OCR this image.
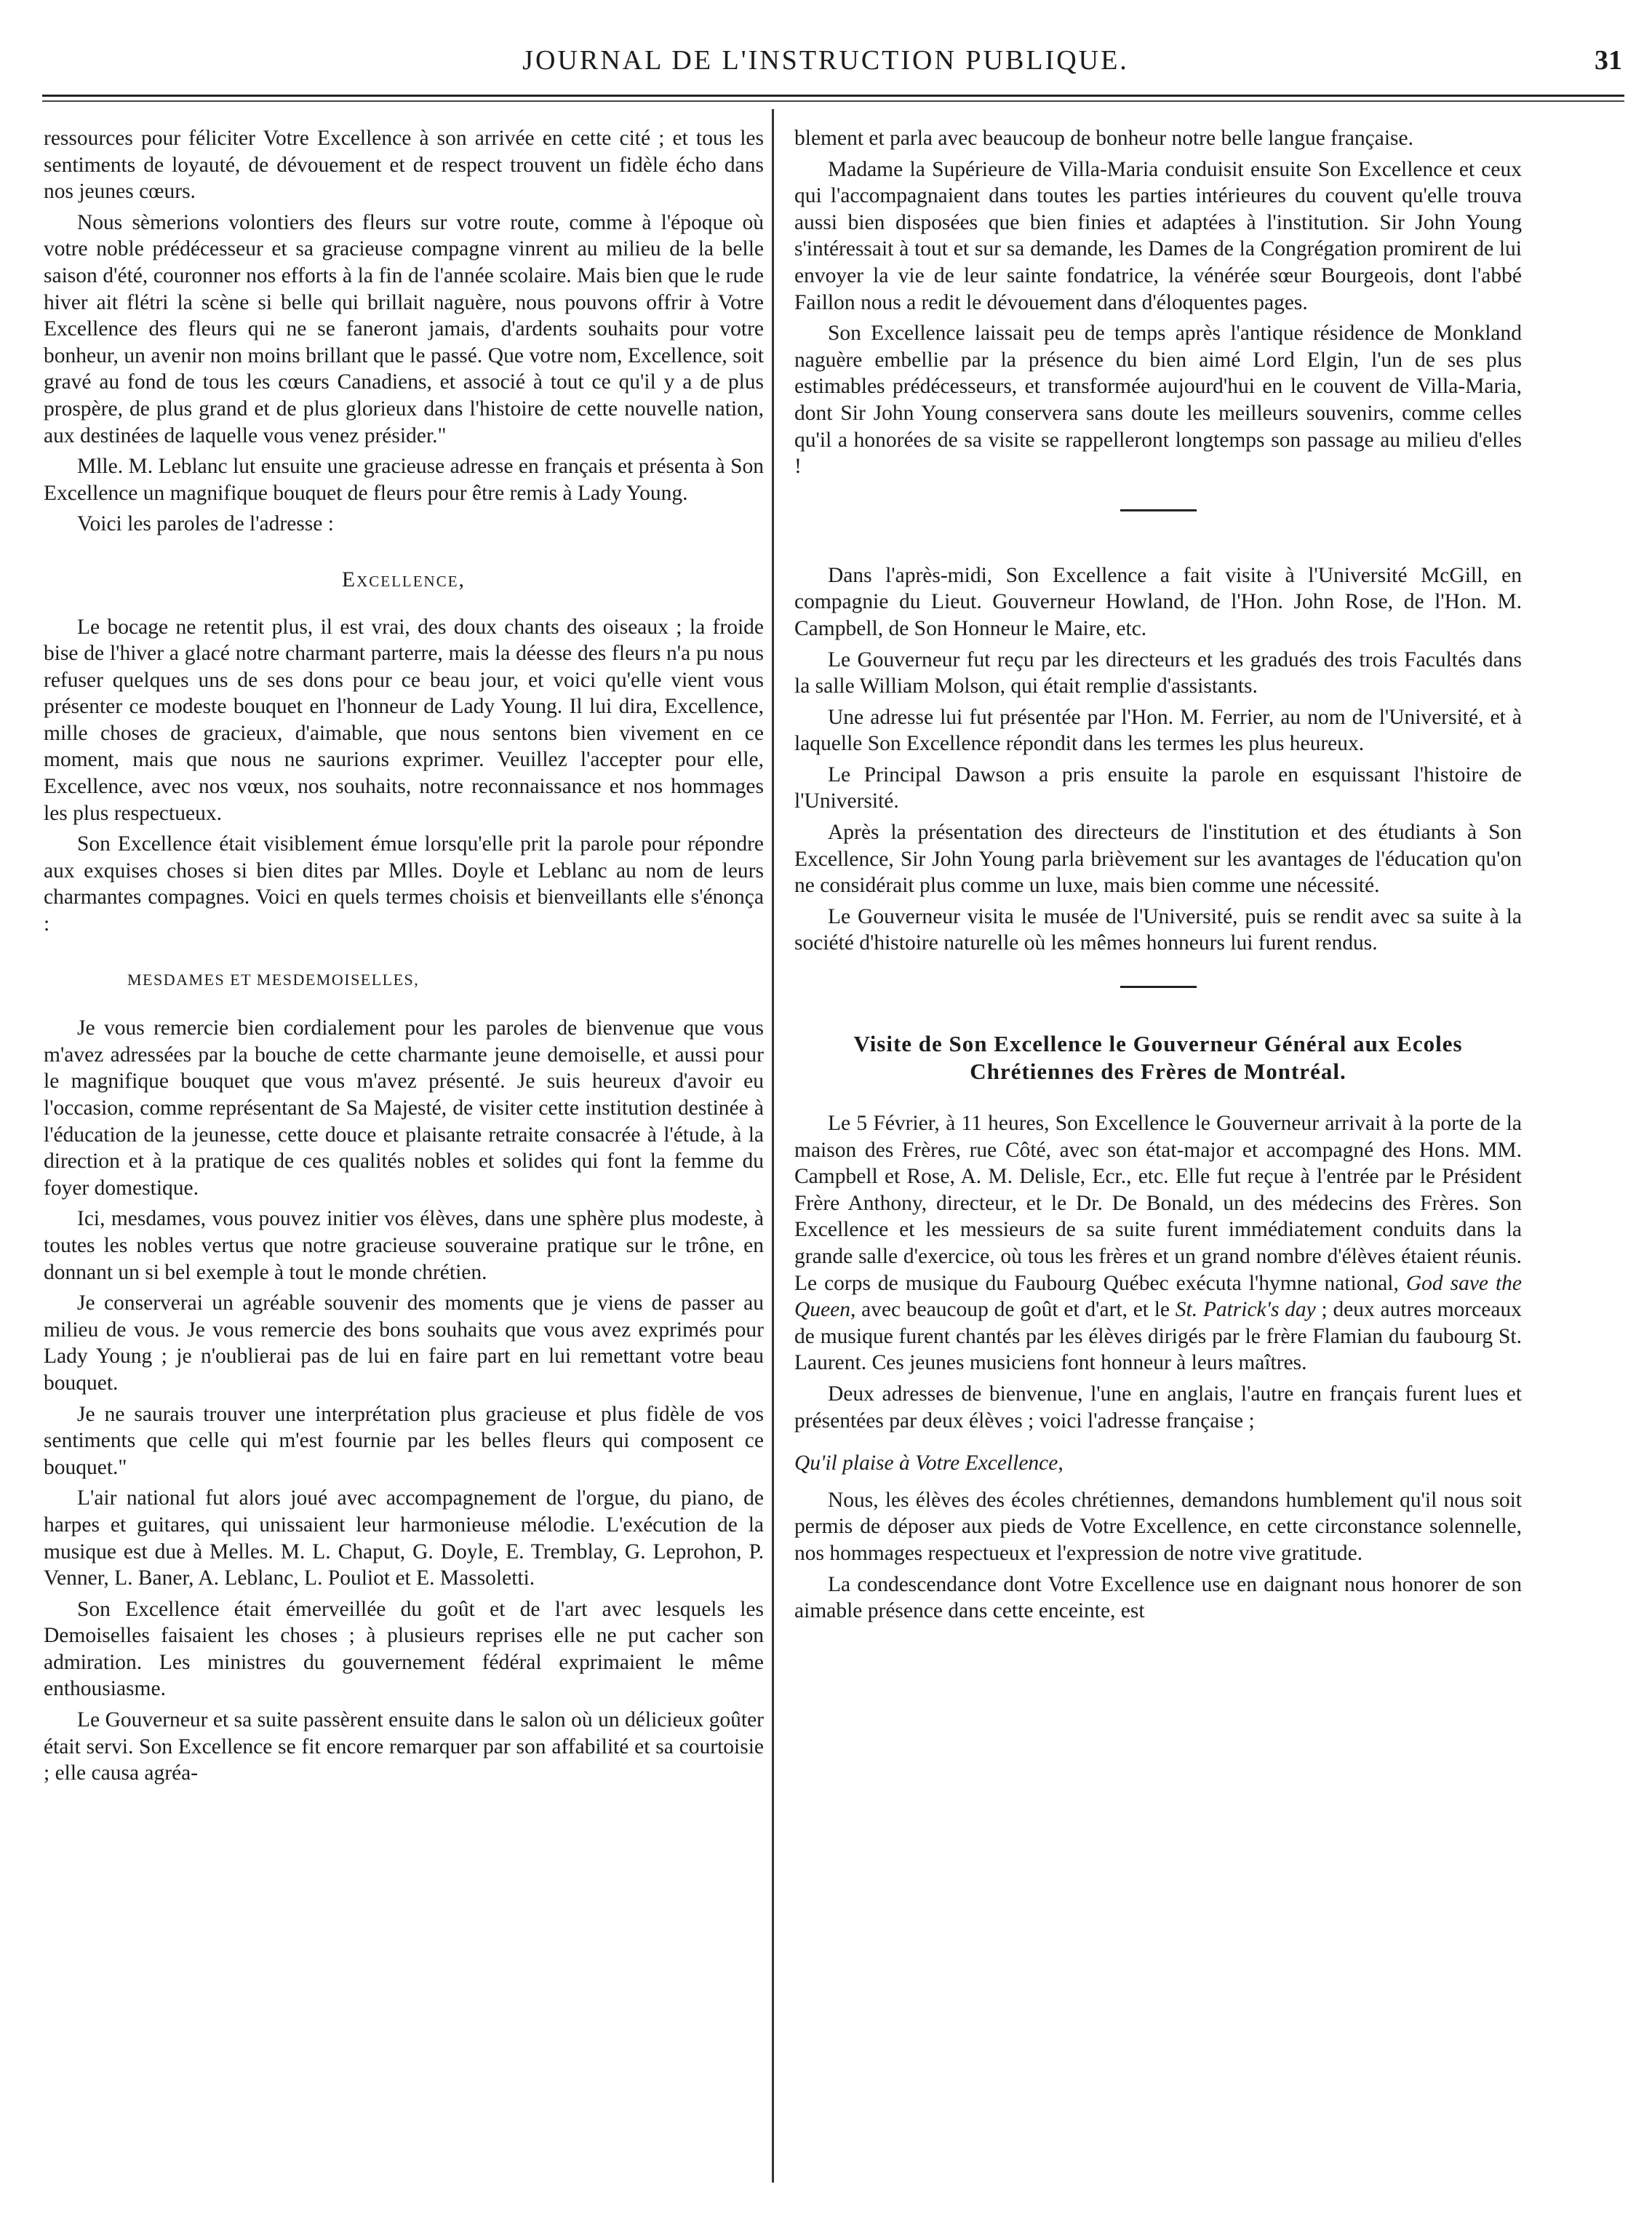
JOURNAL DE L'INSTRUCTION PUBLIQUE.	31

ressources pour féliciter Votre Excellence à son arrivée en cette cité ; et tous les sentiments de loyauté, de dévouement et de respect trouvent un fidèle écho dans nos jeunes cœurs.

Nous sèmerions volontiers des fleurs sur votre route, comme à l'époque où votre noble prédécesseur et sa gracieuse compagne vinrent au milieu de la belle saison d'été, couronner nos efforts à la fin de l'année scolaire. Mais bien que le rude hiver ait flétri la scène si belle qui brillait naguère, nous pouvons offrir à Votre Excellence des fleurs qui ne se faneront jamais, d'ardents souhaits pour votre bonheur, un avenir non moins brillant que le passé. Que votre nom, Excellence, soit gravé au fond de tous les cœurs Canadiens, et associé à tout ce qu'il y a de plus prospère, de plus grand et de plus glorieux dans l'histoire de cette nouvelle nation, aux destinées de laquelle vous venez présider."

Mlle. M. Leblanc lut ensuite une gracieuse adresse en français et présenta à Son Excellence un magnifique bouquet de fleurs pour être remis à Lady Young.

Voici les paroles de l'adresse :

Excellence,

Le bocage ne retentit plus, il est vrai, des doux chants des oiseaux ; la froide bise de l'hiver a glacé notre charmant parterre, mais la déesse des fleurs n'a pu nous refuser quelques uns de ses dons pour ce beau jour, et voici qu'elle vient vous présenter ce modeste bouquet en l'honneur de Lady Young. Il lui dira, Excellence, mille choses de gracieux, d'aimable, que nous sentons bien vivement en ce moment, mais que nous ne saurions exprimer. Veuillez l'accepter pour elle, Excellence, avec nos vœux, nos souhaits, notre reconnaissance et nos hommages les plus respectueux.

Son Excellence était visiblement émue lorsqu'elle prit la parole pour répondre aux exquises choses si bien dites par Mlles. Doyle et Leblanc au nom de leurs charmantes compagnes. Voici en quels termes choisis et bienveillants elle s'énonça :

MESDAMES ET MESDEMOISELLES,

Je vous remercie bien cordialement pour les paroles de bienvenue que vous m'avez adressées par la bouche de cette charmante jeune demoiselle, et aussi pour le magnifique bouquet que vous m'avez présenté. Je suis heureux d'avoir eu l'occasion, comme représentant de Sa Majesté, de visiter cette institution destinée à l'éducation de la jeunesse, cette douce et plaisante retraite consacrée à l'étude, à la direction et à la pratique de ces qualités nobles et solides qui font la femme du foyer domestique.

Ici, mesdames, vous pouvez initier vos élèves, dans une sphère plus modeste, à toutes les nobles vertus que notre gracieuse souveraine pratique sur le trône, en donnant un si bel exemple à tout le monde chrétien.

Je conserverai un agréable souvenir des moments que je viens de passer au milieu de vous. Je vous remercie des bons souhaits que vous avez exprimés pour Lady Young ; je n'oublierai pas de lui en faire part en lui remettant votre beau bouquet.

Je ne saurais trouver une interprétation plus gracieuse et plus fidèle de vos sentiments que celle qui m'est fournie par les belles fleurs qui composent ce bouquet."

L'air national fut alors joué avec accompagnement de l'orgue, du piano, de harpes et guitares, qui unissaient leur harmonieuse mélodie. L'exécution de la musique est due à Melles. M. L. Chaput, G. Doyle, E. Tremblay, G. Leprohon, P. Venner, L. Baner, A. Leblanc, L. Pouliot et E. Massoletti.

Son Excellence était émerveillée du goût et de l'art avec lesquels les Demoiselles faisaient les choses ; à plusieurs reprises elle ne put cacher son admiration. Les ministres du gouvernement fédéral exprimaient le même enthousiasme.

Le Gouverneur et sa suite passèrent ensuite dans le salon où un délicieux goûter était servi. Son Excellence se fit encore remarquer par son affabilité et sa courtoisie ; elle causa agréa-

blement et parla avec beaucoup de bonheur notre belle langue française.

Madame la Supérieure de Villa-Maria conduisit ensuite Son Excellence et ceux qui l'accompagnaient dans toutes les parties intérieures du couvent qu'elle trouva aussi bien disposées que bien finies et adaptées à l'institution. Sir John Young s'intéressait à tout et sur sa demande, les Dames de la Congrégation promirent de lui envoyer la vie de leur sainte fondatrice, la vénérée sœur Bourgeois, dont l'abbé Faillon nous a redit le dévouement dans d'éloquentes pages.

Son Excellence laissait peu de temps après l'antique résidence de Monkland naguère embellie par la présence du bien aimé Lord Elgin, l'un de ses plus estimables prédécesseurs, et transformée aujourd'hui en le couvent de Villa-Maria, dont Sir John Young conservera sans doute les meilleurs souvenirs, comme celles qu'il a honorées de sa visite se rappelleront longtemps son passage au milieu d'elles !

Dans l'après-midi, Son Excellence a fait visite à l'Université McGill, en compagnie du Lieut. Gouverneur Howland, de l'Hon. John Rose, de l'Hon. M. Campbell, de Son Honneur le Maire, etc.

Le Gouverneur fut reçu par les directeurs et les gradués des trois Facultés dans la salle William Molson, qui était remplie d'assistants.

Une adresse lui fut présentée par l'Hon. M. Ferrier, au nom de l'Université, et à laquelle Son Excellence répondit dans les termes les plus heureux.

Le Principal Dawson a pris ensuite la parole en esquissant l'histoire de l'Université.

Après la présentation des directeurs de l'institution et des étudiants à Son Excellence, Sir John Young parla brièvement sur les avantages de l'éducation qu'on ne considérait plus comme un luxe, mais bien comme une nécessité.

Le Gouverneur visita le musée de l'Université, puis se rendit avec sa suite à la société d'histoire naturelle où les mêmes honneurs lui furent rendus.

Visite de Son Excellence le Gouverneur Général aux Ecoles Chrétiennes des Frères de Montréal.

Le 5 Février, à 11 heures, Son Excellence le Gouverneur arrivait à la porte de la maison des Frères, rue Côté, avec son état-major et accompagné des Hons. MM. Campbell et Rose, A. M. Delisle, Ecr., etc. Elle fut reçue à l'entrée par le Président Frère Anthony, directeur, et le Dr. De Bonald, un des médecins des Frères. Son Excellence et les messieurs de sa suite furent immédiatement conduits dans la grande salle d'exercice, où tous les frères et un grand nombre d'élèves étaient réunis. Le corps de musique du Faubourg Québec exécuta l'hymne national, God save the Queen, avec beaucoup de goût et d'art, et le St. Patrick's day ; deux autres morceaux de musique furent chantés par les élèves dirigés par le frère Flamian du faubourg St. Laurent. Ces jeunes musiciens font honneur à leurs maîtres.

Deux adresses de bienvenue, l'une en anglais, l'autre en français furent lues et présentées par deux élèves ; voici l'adresse française ;

Qu'il plaise à Votre Excellence,

Nous, les élèves des écoles chrétiennes, demandons humblement qu'il nous soit permis de déposer aux pieds de Votre Excellence, en cette circonstance solennelle, nos hommages respectueux et l'expression de notre vive gratitude.

La condescendance dont Votre Excellence use en daignant nous honorer de son aimable présence dans cette enceinte, est
